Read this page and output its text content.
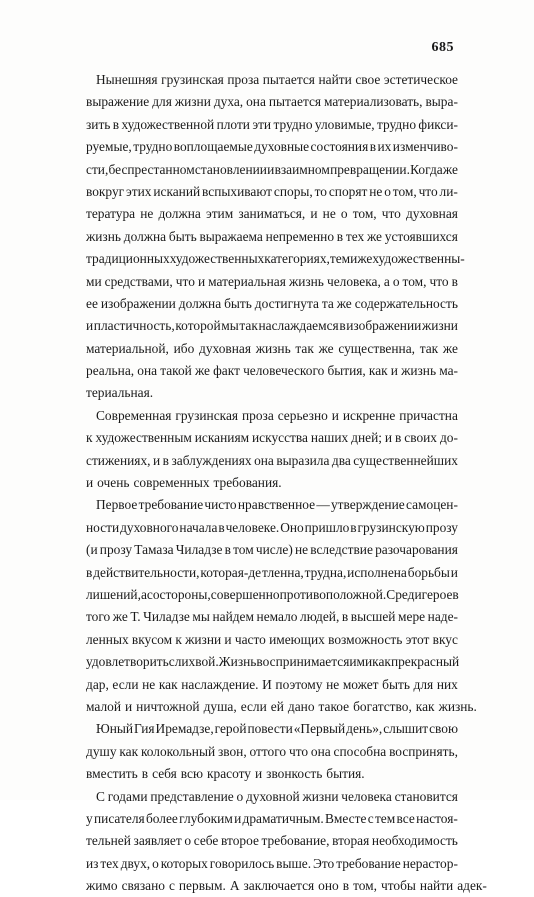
685
Нынешняя грузинская проза пытается найти свое эстетическое
выражение для жизни духа, она пытается материализовать, выра-
зить в художественной плоти эти трудно уловимые, трудно фикси-
руемые, трудно воплощаемые духовные состояния в их изменчиво-
сти, беспрестанном становлении и взаимном превращении. Когда же
вокруг этих исканий вспыхивают споры, то спорят не о том, что ли-
тература не должна этим заниматься, и не о том, что духовная
жизнь должна быть выражаема непременно в тех же устоявшихся
традиционных художественных категориях, теми же художественны-
ми средствами, что и материальная жизнь человека, а о том, что в
ее изображении должна быть достигнута та же содержательность
и пластичность, которой мы так наслаждаемся в изображении жизни
материальной, ибо духовная жизнь так же существенна, так же
реальна, она такой же факт человеческого бытия, как и жизнь ма-
териальная.
Современная грузинская проза серьезно и искренне причастна
к художественным исканиям искусства наших дней; и в своих до-
стижениях, и в заблуждениях она выразила два существеннейших
и очень современных требования.
Первое требование чисто нравственное — утверждение самоцен-
ности духовного начала в человеке. Оно пришло в грузинскую прозу
(и прозу Тамаза Чиладзе в том числе) не вследствие разочарования
в действительности, которая-де тленна, трудна, исполнена борьбы и
лишений, а со стороны, совершенно противоположной. Среди героев
того же Т. Чиладзе мы найдем немало людей, в высшей мере наде-
ленных вкусом к жизни и часто имеющих возможность этот вкус
удовлетворить с лихвой. Жизнь воспринимается ими как прекрасный
дар, если не как наслаждение. И поэтому не может быть для них
малой и ничтожной душа, если ей дано такое богатство, как жизнь.
Юный Гия Иремадзе, герой повести «Первый день», слышит свою
душу как колокольный звон, оттого что она способна воспринять,
вместить в себя всю красоту и звонкость бытия.
С годами представление о духовной жизни человека становится
у писателя более глубоким и драматичным. Вместе с тем все настоя-
тельней заявляет о себе второе требование, вторая необходимость
из тех двух, о которых говорилось выше. Это требование нерастор-
жимо связано с первым. А заключается оно в том, чтобы найти адек-
